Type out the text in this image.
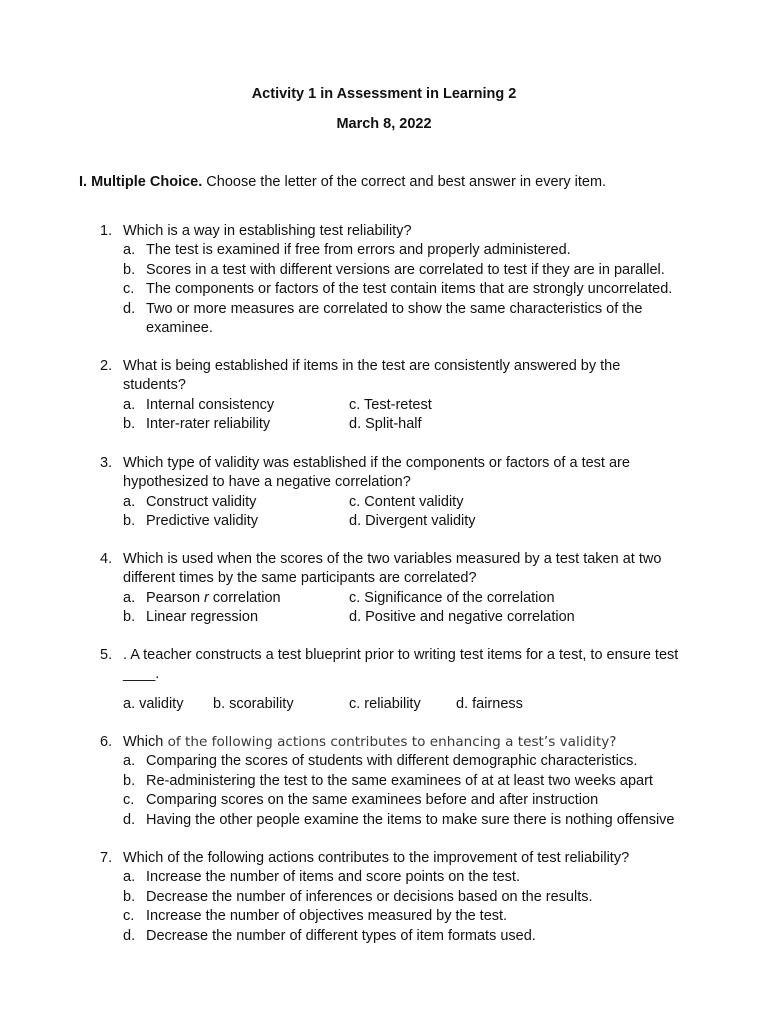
Activity 1 in Assessment in Learning 2
March 8, 2022
I. Multiple Choice. Choose the letter of the correct and best answer in every item.
1. Which is a way in establishing test reliability?
a. The test is examined if free from errors and properly administered.
b. Scores in a test with different versions are correlated to test if they are in parallel.
c. The components or factors of the test contain items that are strongly uncorrelated.
d. Two or more measures are correlated to show the same characteristics of the examinee.
2. What is being established if items in the test are consistently answered by the students?
a. Internal consistency	c. Test-retest
b. Inter-rater reliability	d. Split-half
3. Which type of validity was established if the components or factors of a test are hypothesized to have a negative correlation?
a. Construct validity	c. Content validity
b. Predictive validity	d. Divergent validity
4. Which is used when the scores of the two variables measured by a test taken at two different times by the same participants are correlated?
a. Pearson r correlation	c. Significance of the correlation
b. Linear regression	d. Positive and negative correlation
5. . A teacher constructs a test blueprint prior to writing test items for a test, to ensure test ____.
a. validity b. scorability	c. reliability d. fairness
6. Which of the following actions contributes to enhancing a test’s validity?
a. Comparing the scores of students with different demographic characteristics.
b. Re-administering the test to the same examinees of at at least two weeks apart
c. Comparing scores on the same examinees before and after instruction
d. Having the other people examine the items to make sure there is nothing offensive
7. Which of the following actions contributes to the improvement of test reliability?
a. Increase the number of items and score points on the test.
b. Decrease the number of inferences or decisions based on the results.
c. Increase the number of objectives measured by the test.
d. Decrease the number of different types of item formats used.
